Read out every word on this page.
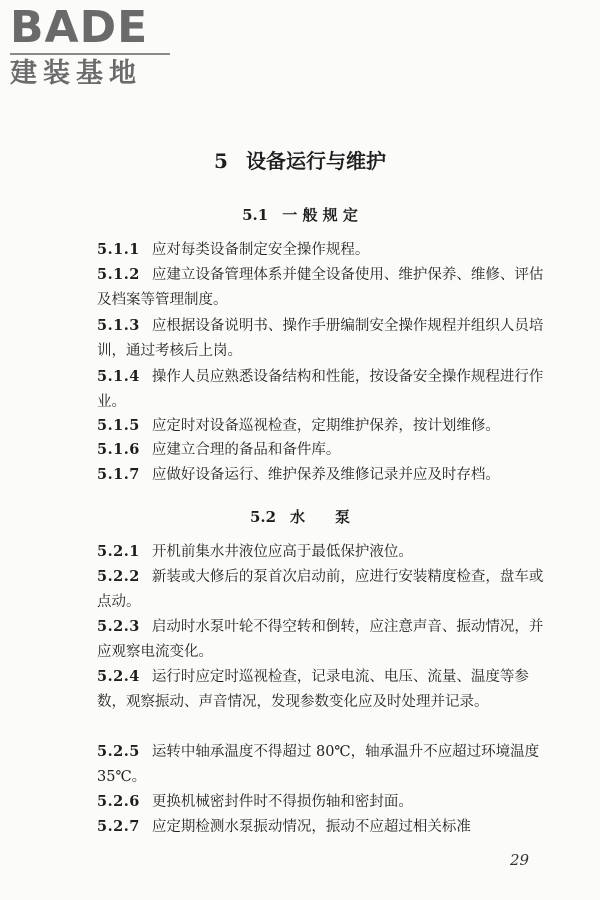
BADE
建装基地
5 设备运行与维护
5.1 一 般 规 定

5.1.1 应对每类设备制定安全操作规程。

5.1.2 应建立设备管理体系并健全设备使用、维护保养、维修、评估及档案等管理制度。

5.1.3 应根据设备说明书、操作手册编制安全操作规程并组织人员培训，通过考核后上岗。

5.1.4 操作人员应熟悉设备结构和性能，按设备安全操作规程进行作业。

5.1.5 应定时对设备巡视检查，定期维护保养，按计划维修。

5.1.6 应建立合理的备品和备件库。

5.1.7 应做好设备运行、维护保养及维修记录并应及时存档。

5.2 水　　泵

5.2.1 开机前集水井液位应高于最低保护液位。

5.2.2 新装或大修后的泵首次启动前，应进行安装精度检查，盘车或点动。

5.2.3 启动时水泵叶轮不得空转和倒转，应注意声音、振动情况，并应观察电流变化。

5.2.4 运行时应定时巡视检查，记录电流、电压、流量、温度等参数，观察振动、声音情况，发现参数变化应及时处理并记录。

5.2.5 运转中轴承温度不得超过 80℃，轴承温升不应超过环境温度 35℃。

5.2.6 更换机械密封件时不得损伤轴和密封面。

5.2.7 应定期检测水泵振动情况，振动不应超过相关标准

29
